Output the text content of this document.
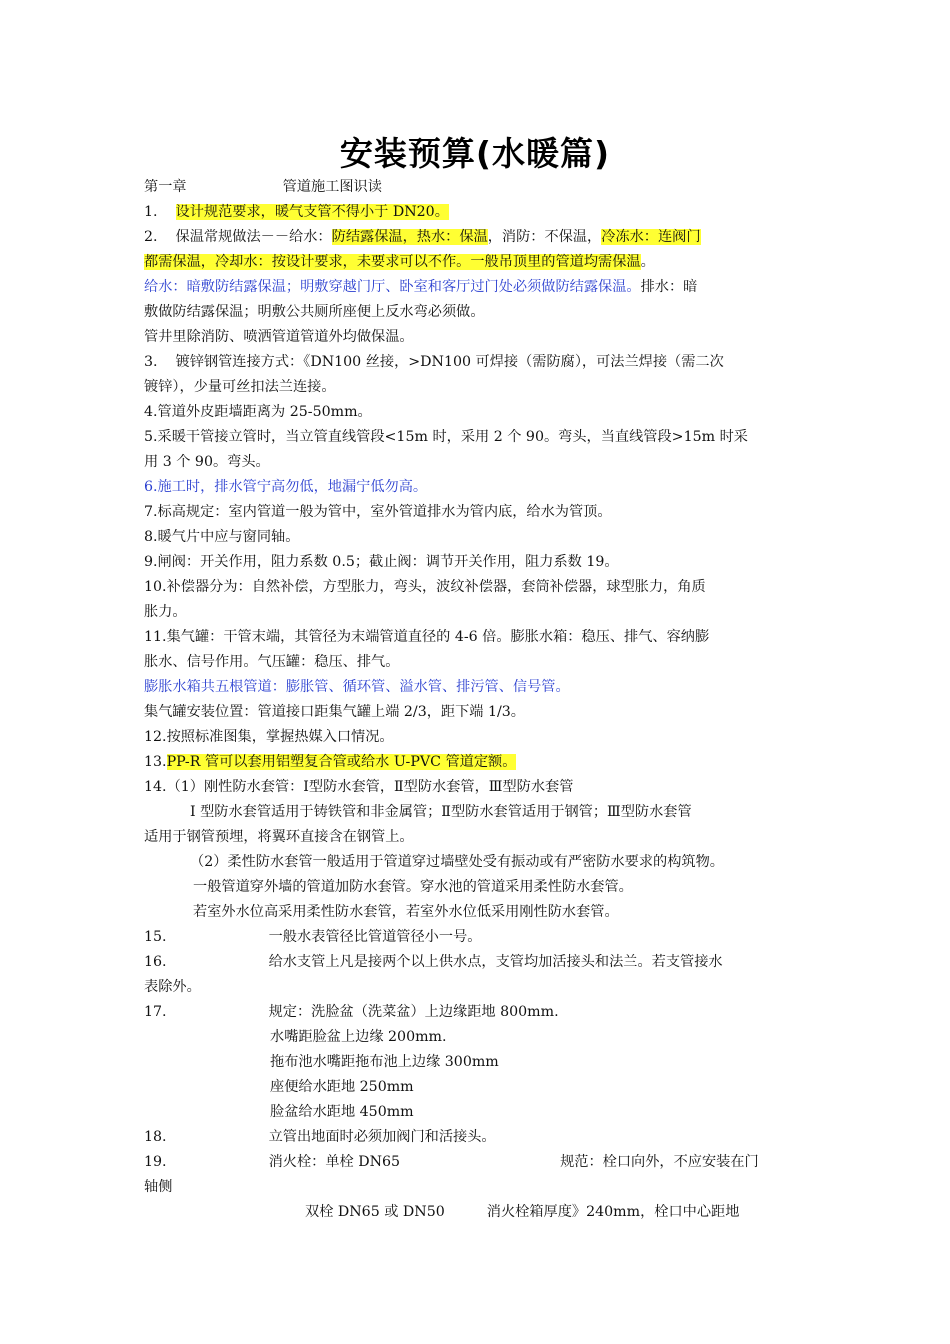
安装预算(水暖篇)
第一章	管道施工图识读
1. 设计规范要求，暖气支管不得小于 DN20。
2. 保温常规做法－－给水：防结露保温，热水：保温，消防：不保温，冷冻水：连阀门
都需保温，冷却水：按设计要求，未要求可以不作。一般吊顶里的管道均需保温。
给水：暗敷防结露保温；明敷穿越门厅、卧室和客厅过门处必须做防结露保温。排水：暗
敷做防结露保温；明敷公共厕所座便上反水弯必须做。
管井里除消防、喷洒管道管道外均做保温。
3. 镀锌钢管连接方式：《DN100 丝接，>DN100 可焊接（需防腐），可法兰焊接（需二次
镀锌），少量可丝扣法兰连接。
4.管道外皮距墙距离为 25-50mm。
5.采暖干管接立管时，当立管直线管段<15m 时，采用 2 个 90。弯头，当直线管段>15m 时采
用 3 个 90。弯头。
6.施工时，排水管宁高勿低，地漏宁低勿高。
7.标高规定：室内管道一般为管中，室外管道排水为管内底，给水为管顶。
8.暖气片中应与窗同轴。
9.闸阀：开关作用，阻力系数 0.5；截止阀：调节开关作用，阻力系数 19。
10.补偿器分为：自然补偿，方型胀力，弯头，波纹补偿器，套筒补偿器，球型胀力，角质
胀力。
11.集气罐：干管末端，其管径为末端管道直径的 4-6 倍。膨胀水箱：稳压、排气、容纳膨
胀水、信号作用。气压罐：稳压、排气。
膨胀水箱共五根管道：膨胀管、循环管、溢水管、排污管、信号管。
集气罐安装位置：管道接口距集气罐上端 2/3，距下端 1/3。
12.按照标准图集，掌握热媒入口情况。
13.PP-R 管可以套用铝塑复合管或给水 U-PVC 管道定额。
14.（1）刚性防水套管：Ⅰ型防水套管，Ⅱ型防水套管，Ⅲ型防水套管
Ⅰ 型防水套管适用于铸铁管和非金属管；Ⅱ型防水套管适用于钢管；Ⅲ型防水套管
适用于钢管预埋，将翼环直接含在钢管上。
（2）柔性防水套管一般适用于管道穿过墙壁处受有振动或有严密防水要求的构筑物。
一般管道穿外墙的管道加防水套管。穿水池的管道采用柔性防水套管。
若室外水位高采用柔性防水套管，若室外水位低采用刚性防水套管。
15.	一般水表管径比管道管径小一号。
16.	给水支管上凡是接两个以上供水点，支管均加活接头和法兰。若支管接水
表除外。
17.	规定：洗脸盆（洗菜盆）上边缘距地 800mm.
水嘴距脸盆上边缘 200mm.
拖布池水嘴距拖布池上边缘 300mm
座便给水距地 250mm
脸盆给水距地 450mm
18.	立管出地面时必须加阀门和活接头。
19.	消火栓：单栓 DN65	规范：栓口向外，不应安装在门
轴侧
双栓 DN65 或 DN50	消火栓箱厚度》240mm，栓口中心距地
